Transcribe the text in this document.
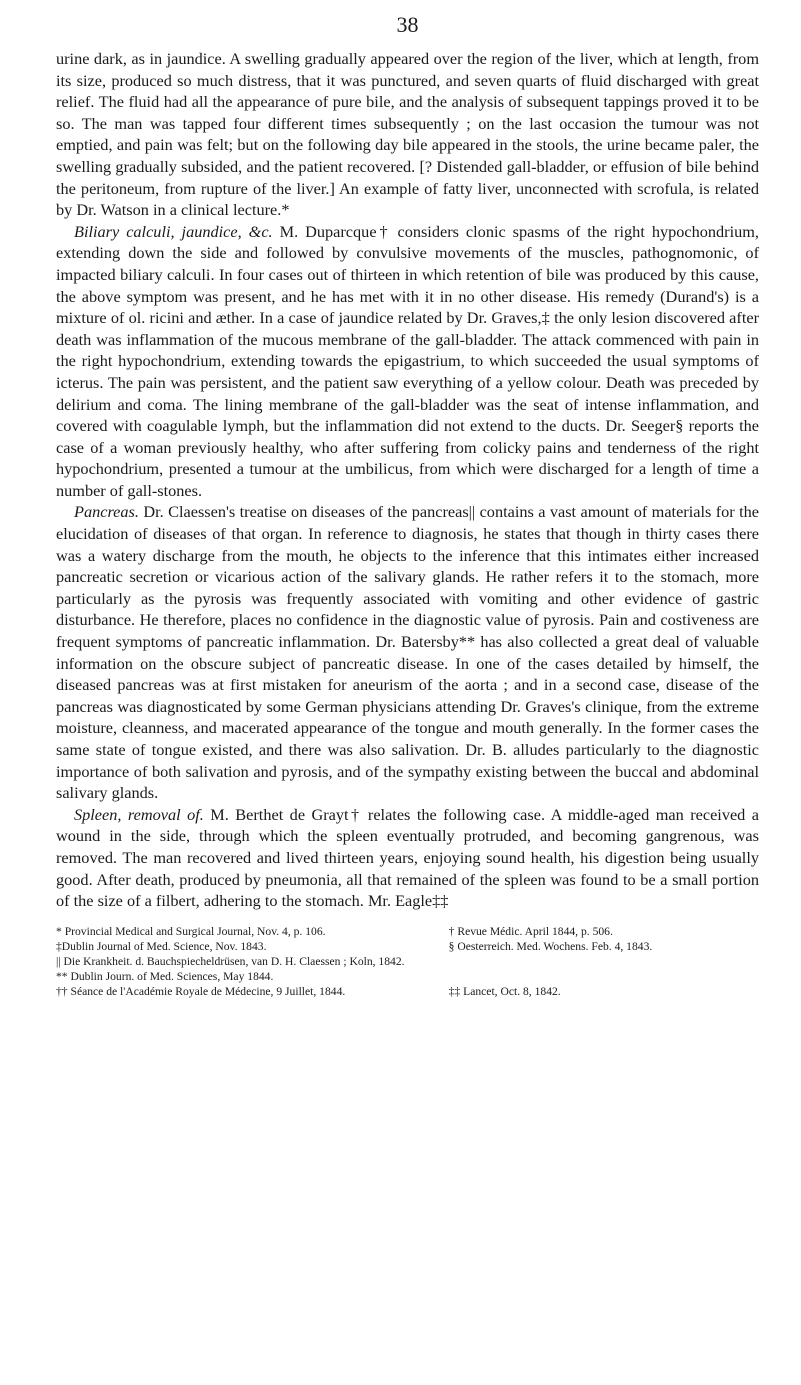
38

urine dark, as in jaundice. A swelling gradually appeared over the region of the liver, which at length, from its size, produced so much distress, that it was punctured, and seven quarts of fluid discharged with great relief. The fluid had all the appearance of pure bile, and the analysis of subsequent tappings proved it to be so. The man was tapped four different times subsequently ; on the last occasion the tumour was not emptied, and pain was felt; but on the following day bile appeared in the stools, the urine became paler, the swelling gradually subsided, and the patient recovered. [? Distended gall-bladder, or effusion of bile behind the peritoneum, from rupture of the liver.] An example of fatty liver, unconnected with scrofula, is related by Dr. Watson in a clinical lecture.*

Biliary calculi, jaundice, &c. M. Duparcque† considers clonic spasms of the right hypochondrium, extending down the side and followed by convulsive movements of the muscles, pathognomonic, of impacted biliary calculi. In four cases out of thirteen in which retention of bile was produced by this cause, the above symptom was present, and he has met with it in no other disease. His remedy (Durand's) is a mixture of ol. ricini and æther. In a case of jaundice related by Dr. Graves,‡ the only lesion discovered after death was inflammation of the mucous membrane of the gall-bladder. The attack commenced with pain in the right hypochondrium, extending towards the epigastrium, to which succeeded the usual symptoms of icterus. The pain was persistent, and the patient saw everything of a yellow colour. Death was preceded by delirium and coma. The lining membrane of the gall-bladder was the seat of intense inflammation, and covered with coagulable lymph, but the inflammation did not extend to the ducts. Dr. Seeger§ reports the case of a woman previously healthy, who after suffering from colicky pains and tenderness of the right hypochondrium, presented a tumour at the umbilicus, from which were discharged for a length of time a number of gall-stones.

Pancreas. Dr. Claessen's treatise on diseases of the pancreas|| contains a vast amount of materials for the elucidation of diseases of that organ. In reference to diagnosis, he states that though in thirty cases there was a watery discharge from the mouth, he objects to the inference that this intimates either increased pancreatic secretion or vicarious action of the salivary glands. He rather refers it to the stomach, more particularly as the pyrosis was frequently associated with vomiting and other evidence of gastric disturbance. He therefore, places no confidence in the diagnostic value of pyrosis. Pain and costiveness are frequent symptoms of pancreatic inflammation. Dr. Batersby** has also collected a great deal of valuable information on the obscure subject of pancreatic disease. In one of the cases detailed by himself, the diseased pancreas was at first mistaken for aneurism of the aorta ; and in a second case, disease of the pancreas was diagnosticated by some German physicians attending Dr. Graves's clinique, from the extreme moisture, cleanness, and macerated appearance of the tongue and mouth generally. In the former cases the same state of tongue existed, and there was also salivation. Dr. B. alludes particularly to the diagnostic importance of both salivation and pyrosis, and of the sympathy existing between the buccal and abdominal salivary glands.

Spleen, removal of. M. Berthet de Grayt† relates the following case. A middle-aged man received a wound in the side, through which the spleen eventually protruded, and becoming gangrenous, was removed. The man recovered and lived thirteen years, enjoying sound health, his digestion being usually good. After death, produced by pneumonia, all that remained of the spleen was found to be a small portion of the size of a filbert, adhering to the stomach. Mr. Eagle‡‡

* Provincial Medical and Surgical Journal, Nov. 4, p. 106.	† Revue Médic. April 1844, p. 506.
‡Dublin Journal of Med. Science, Nov. 1843.	§ Oesterreich. Med. Wochens. Feb. 4, 1843.
|| Die Krankheit. d. Bauchspiecheldrüsen, van D. H. Claessen ; Koln, 1842.
** Dublin Journ. of Med. Sciences, May 1844.
†† Séance de l'Académie Royale de Médecine, 9 Juillet, 1844.	‡‡ Lancet, Oct. 8, 1842.
